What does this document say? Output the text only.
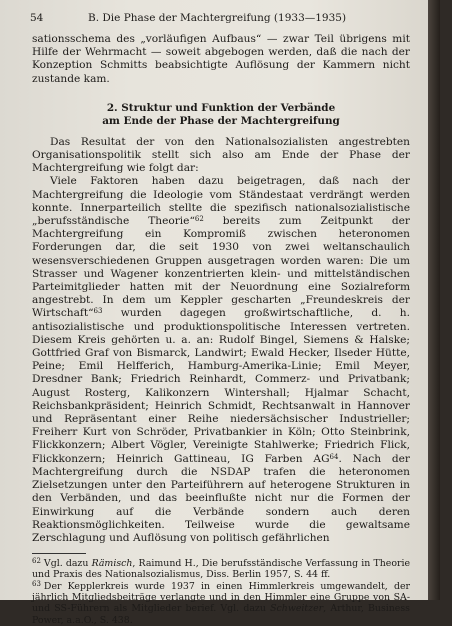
54	B. Die Phase der Machtergreifung (1933—1935)

sationsschema des „vorläufigen Aufbaus“ — zwar Teil übrigens mit Hilfe der Wehrmacht — soweit abgebogen werden, daß die nach der Konzeption Schmitts beabsichtigte Auflösung der Kammern nicht zustande kam.

2. Struktur und Funktion der Verbände
am Ende der Phase der Machtergreifung

Das Resultat der von den Nationalsozialisten angestrebten Organisationspolitik stellt sich also am Ende der Phase der Machtergreifung wie folgt dar:

Viele Faktoren haben dazu beigetragen, daß nach der Machtergreifung die Ideologie vom Ständestaat verdrängt werden konnte. Innerparteilich stellte die spezifisch nationalsozialistische „berufsständische Theorie“$^{62}$ bereits zum Zeitpunkt der Machtergreifung ein Kompromiß zwischen heteronomen Forderungen dar, die seit 1930 von zwei weltanschaulich wesensverschiedenen Gruppen ausgetragen worden waren: Die um Strasser und Wagener konzentrierten klein- und mittelständischen Parteimitglieder hatten mit der Neuordnung eine Sozialreform angestrebt. In dem um Keppler gescharten „Freundeskreis der Wirtschaft“$^{63}$ wurden dagegen großwirtschaftliche, d. h. antisozialistische und produktionspolitische Interessen vertreten. Diesem Kreis gehörten u. a. an: Rudolf Bingel, Siemens & Halske; Gottfried Graf von Bismarck, Landwirt; Ewald Hecker, Ilseder Hütte, Peine; Emil Helfferich, Hamburg-Amerika-Linie; Emil Meyer, Dresdner Bank; Friedrich Reinhardt, Commerz- und Privatbank; August Rosterg, Kalikonzern Wintershall; Hjalmar Schacht, Reichsbankpräsident; Heinrich Schmidt, Rechtsanwalt in Hannover und Repräsentant einer Reihe niedersächsischer Industrieller; Freiherr Kurt von Schröder, Privatbankier in Köln; Otto Steinbrink, Flickkonzern; Albert Vögler, Vereinigte Stahlwerke; Friedrich Flick, Flickkonzern; Heinrich Gattineau, IG Farben AG$^{64}$. Nach der Machtergreifung durch die NSDAP trafen die heteronomen Zielsetzungen unter den Parteiführern auf heterogene Strukturen in den Verbänden, und das beeinflußte nicht nur die Formen der Einwirkung auf die Verbände sondern auch deren Reaktionsmöglichkeiten. Teilweise wurde die gewaltsame Zerschlagung und Auflösung von politisch gefährlichen

$^{62}$ Vgl. dazu Rämisch, Raimund H., Die berufsständische Verfassung in Theorie und Praxis des Nationalsozialismus, Diss. Berlin 1957, S. 44 ff.

$^{63}$ Der Kepplerkreis wurde 1937 in einen Himmlerkreis umgewandelt, der jährlich Mitgliedsbeiträge verlangte und in den Himmler eine Gruppe von SA- und SS-Führern als Mitglieder berief. Vgl. dazu Schweitzer, Arthur, Business Power, a.a.O., S. 438.
